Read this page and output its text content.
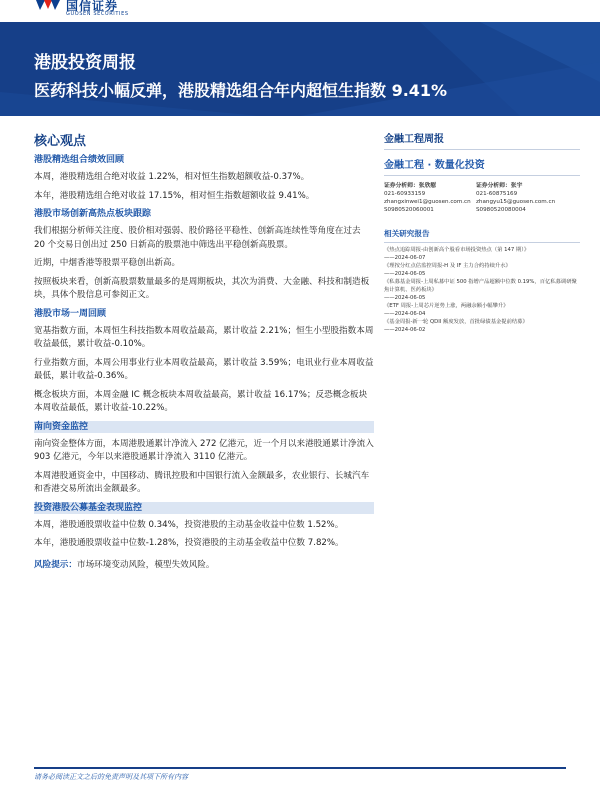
国信证券
GUOSEN SECURITIES
港股投资周报
医药科技小幅反弹，港股精选组合年内超恒生指数 9.41%
核心观点
港股精选组合绩效回顾
本周，港股精选组合绝对收益 1.22%，相对恒生指数超额收益-0.37%。
本年，港股精选组合绝对收益 17.15%，相对恒生指数超额收益 9.41%。
港股市场创新高热点板块跟踪
我们根据分析师关注度、股价相对强弱、股价路径平稳性、创新高连续性等角度在过去 20 个交易日创出过 250 日新高的股票池中筛选出平稳创新高股票。
近期，中烟香港等股票平稳创出新高。
按照板块来看，创新高股票数量最多的是周期板块，其次为消费、大金融、科技和制造板块，具体个股信息可参阅正文。
港股市场一周回顾
宽基指数方面，本周恒生科技指数本周收益最高，累计收益 2.21%；恒生小型股指数本周收益最低，累计收益-0.10%。
行业指数方面，本周公用事业行业本周收益最高，累计收益 3.59%；电讯业行业本周收益最低，累计收益-0.36%。
概念板块方面，本周金融 IC 概念板块本周收益最高，累计收益 16.17%；反恐概念板块本周收益最低，累计收益-10.22%。
南向资金监控
南向资金整体方面，本周港股通累计净流入 272 亿港元，近一个月以来港股通累计净流入 903 亿港元，今年以来港股通累计净流入 3110 亿港元。
本周港股通资金中，中国移动、腾讯控股和中国银行流入金额最多，农业银行、长城汽车和香港交易所流出金额最多。
投资港股公募基金表现监控
本周，港股通股票收益中位数 0.34%，投资港股的主动基金收益中位数 1.52%。
本年，港股通股票收益中位数-1.28%，投资港股的主动基金收益中位数 7.82%。
风险提示：市场环境变动风险，模型失效风险。
金融工程周报
金融工程 · 数量化投资
证券分析师：张欣慰
021-60933159
zhangxinwei1@guosen.com.cn
S0980520060001
证券分析师：张宇
021-60875169
zhangyu15@guosen.com.cn
S0980520080004
相关研究报告
《热点追踪周报-由创新高个股看市场投资热点（第 147 期）》
——2024-06-07
《理按分红点估监控周报-H 及 IF 主力合约持续升水》
——2024-06-05
《私募基金周报-上周私募中证 500 指增产品超额中位数 0.19%，百亿私募调研聚焦计算机、医药板块》
——2024-06-05
《ETF 周报-上周芯片逆势上涨，两融余额小幅攀升》
——2024-06-04
《基金周报-新一轮 QDII 额度发放，首批绿债基金提前结募》
——2024-06-02
请务必阅读正文之后的免责声明及其项下所有内容
